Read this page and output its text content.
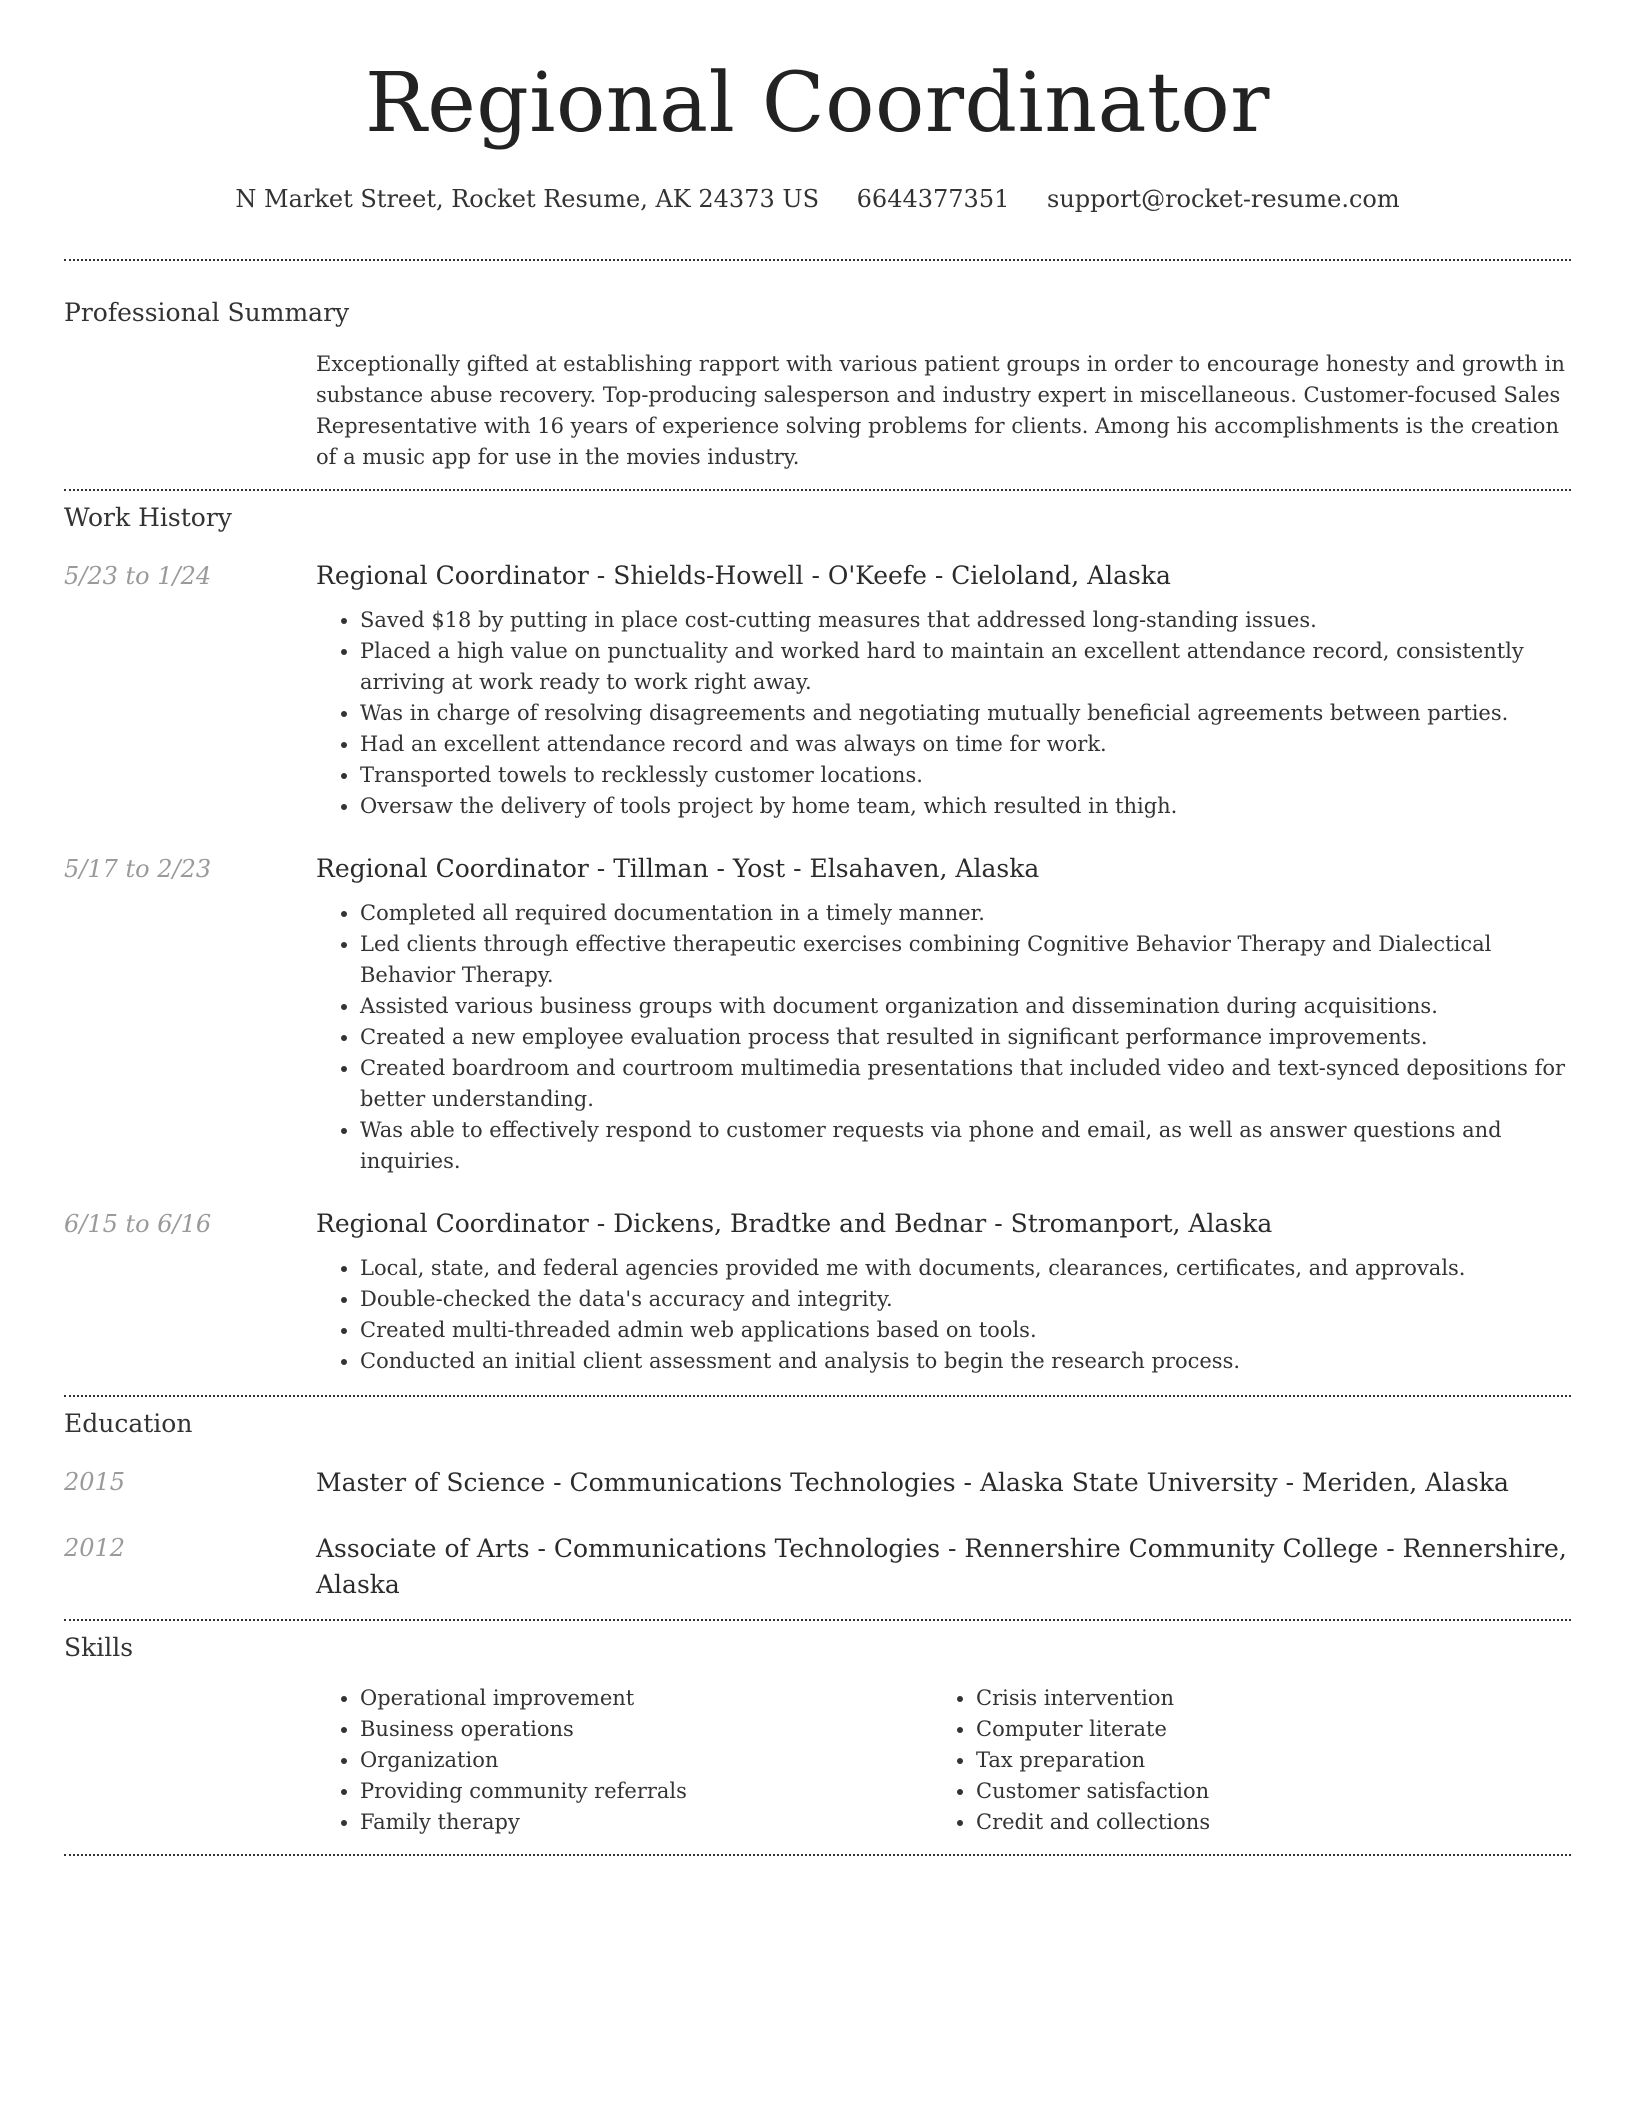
Regional Coordinator
N Market Street, Rocket Resume, AK 24373 US 6644377351 support@rocket-resume.com
Professional Summary
Exceptionally gifted at establishing rapport with various patient groups in order to encourage honesty and growth in substance abuse recovery. Top-producing salesperson and industry expert in miscellaneous. Customer-focused Sales Representative with 16 years of experience solving problems for clients. Among his accomplishments is the creation of a music app for use in the movies industry.
Work History
5/23 to 1/24	Regional Coordinator - Shields-Howell - O'Keefe - Cieloland, Alaska
• Saved $18 by putting in place cost-cutting measures that addressed long-standing issues.
• Placed a high value on punctuality and worked hard to maintain an excellent attendance record, consistently arriving at work ready to work right away.
• Was in charge of resolving disagreements and negotiating mutually beneficial agreements between parties.
• Had an excellent attendance record and was always on time for work.
• Transported towels to recklessly customer locations.
• Oversaw the delivery of tools project by home team, which resulted in thigh.
5/17 to 2/23	Regional Coordinator - Tillman - Yost - Elsahaven, Alaska
• Completed all required documentation in a timely manner.
• Led clients through effective therapeutic exercises combining Cognitive Behavior Therapy and Dialectical Behavior Therapy.
• Assisted various business groups with document organization and dissemination during acquisitions.
• Created a new employee evaluation process that resulted in significant performance improvements.
• Created boardroom and courtroom multimedia presentations that included video and text-synced depositions for better understanding.
• Was able to effectively respond to customer requests via phone and email, as well as answer questions and inquiries.
6/15 to 6/16	Regional Coordinator - Dickens, Bradtke and Bednar - Stromanport, Alaska
• Local, state, and federal agencies provided me with documents, clearances, certificates, and approvals.
• Double-checked the data's accuracy and integrity.
• Created multi-threaded admin web applications based on tools.
• Conducted an initial client assessment and analysis to begin the research process.
Education
2015	Master of Science - Communications Technologies - Alaska State University - Meriden, Alaska
2012	Associate of Arts - Communications Technologies - Rennershire Community College - Rennershire, Alaska
Skills
• Operational improvement
• Business operations
• Organization
• Providing community referrals
• Family therapy
• Crisis intervention
• Computer literate
• Tax preparation
• Customer satisfaction
• Credit and collections
